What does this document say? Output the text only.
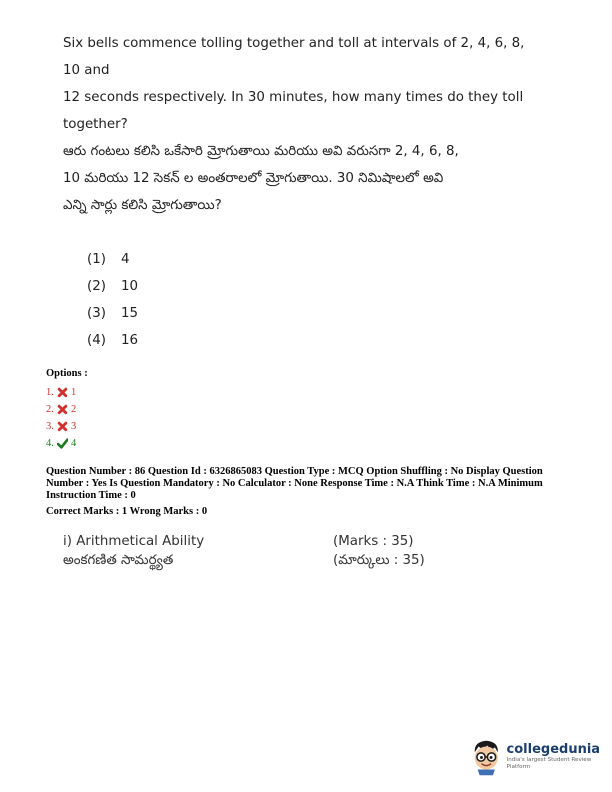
Six bells commence tolling together and toll at intervals of 2, 4, 6, 8, 10 and
12 seconds respectively. In 30 minutes, how many times do they toll
together?

ఆరు గంటలు కలిసి ఒకేసారి మ్రోగుతాయి మరియు అవి వరుసగా 2, 4, 6, 8,
10 మరియు 12 సెకన్ ల అంతరాలలో మ్రోగుతాయి. 30 నిమిషాలలో అవి
ఎన్ని సార్లు కలిసి మ్రోగుతాయి?

(1)	4
(2)	10
(3)	15
(4)	16
Options :
1. 1
2. 2
3. 3
4. 4
Question Number : 86 Question Id : 6326865083 Question Type : MCQ Option Shuffling : No Display Question
Number : Yes Is Question Mandatory : No Calculator : None Response Time : N.A Think Time : N.A Minimum
Instruction Time : 0
Correct Marks : 1 Wrong Marks : 0
i) Arithmetical Ability	(Marks : 35)
అంకగణిత సామర్థ్యత	(మార్కులు : 35)
collegedunia
India's largest Student Review Platform
